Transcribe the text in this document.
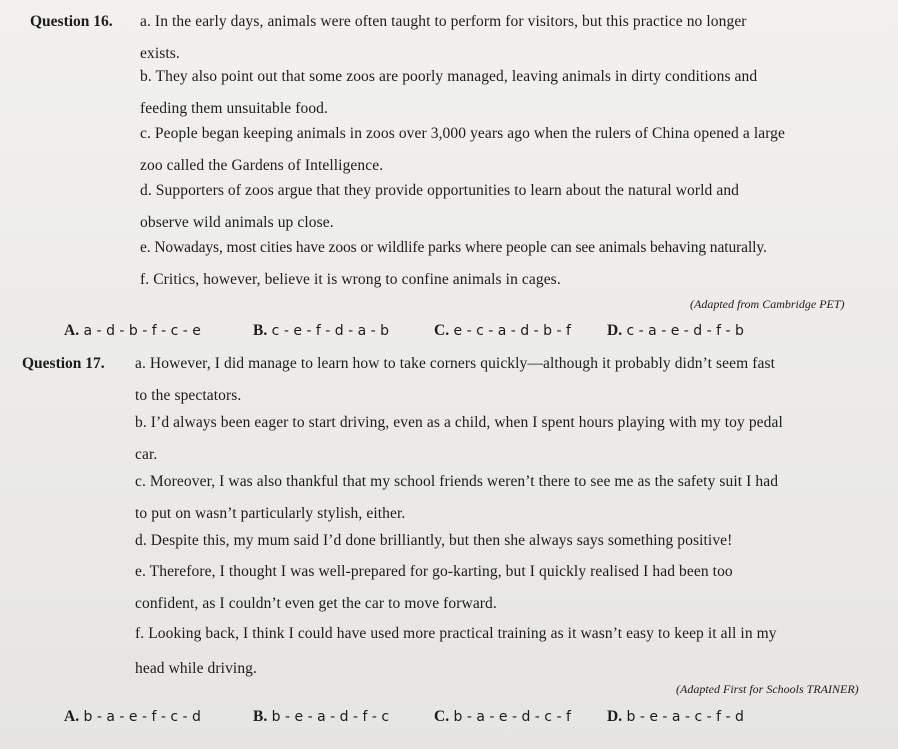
Question 16. a. In the early days, animals were often taught to perform for visitors, but this practice no longer
exists.
b. They also point out that some zoos are poorly managed, leaving animals in dirty conditions and
feeding them unsuitable food.
c. People began keeping animals in zoos over 3,000 years ago when the rulers of China opened a large
zoo called the Gardens of Intelligence.
d. Supporters of zoos argue that they provide opportunities to learn about the natural world and
observe wild animals up close.
e. Nowadays, most cities have zoos or wildlife parks where people can see animals behaving naturally.
f. Critics, however, believe it is wrong to confine animals in cages.
(Adapted from Cambridge PET)
A. a - d - b - f - c - e	B. c - e - f - d - a - b	C. e - c - a - d - b - f D. c - a - e - d - f - b
Question 17. a. However, I did manage to learn how to take corners quickly—although it probably didn’t seem fast
to the spectators.
b. I’d always been eager to start driving, even as a child, when I spent hours playing with my toy pedal
car.
c. Moreover, I was also thankful that my school friends weren’t there to see me as the safety suit I had
to put on wasn’t particularly stylish, either.
d. Despite this, my mum said I’d done brilliantly, but then she always says something positive!
e. Therefore, I thought I was well-prepared for go-karting, but I quickly realised I had been too
confident, as I couldn’t even get the car to move forward.
f. Looking back, I think I could have used more practical training as it wasn’t easy to keep it all in my
head while driving.
(Adapted First for Schools TRAINER)
A. b - a - e - f - c - d	B. b - e - a - d - f - c	C. b - a - e - d - c - f D. b - e - a - c - f - d
